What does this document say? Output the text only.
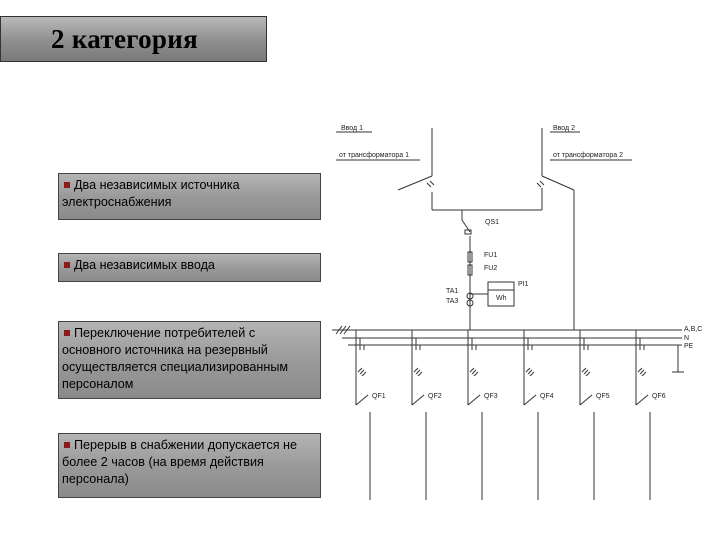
2 категория
Два независимых источника электроснабжения
Два независимых ввода
Переключение потребителей с основного источника на резервный осуществляется специализированным персоналом
Перерыв в снабжении допускается не более 2 часов (на время действия персонала)
Ввод 1
от трансформатора 1
Ввод 2
от трансформатора 2
QS1
FU1
FU2
Wh
PI1
TA1
TA3
A,B,C
N
PE
QF1	QF2	QF3	QF4	QF5	QF6
